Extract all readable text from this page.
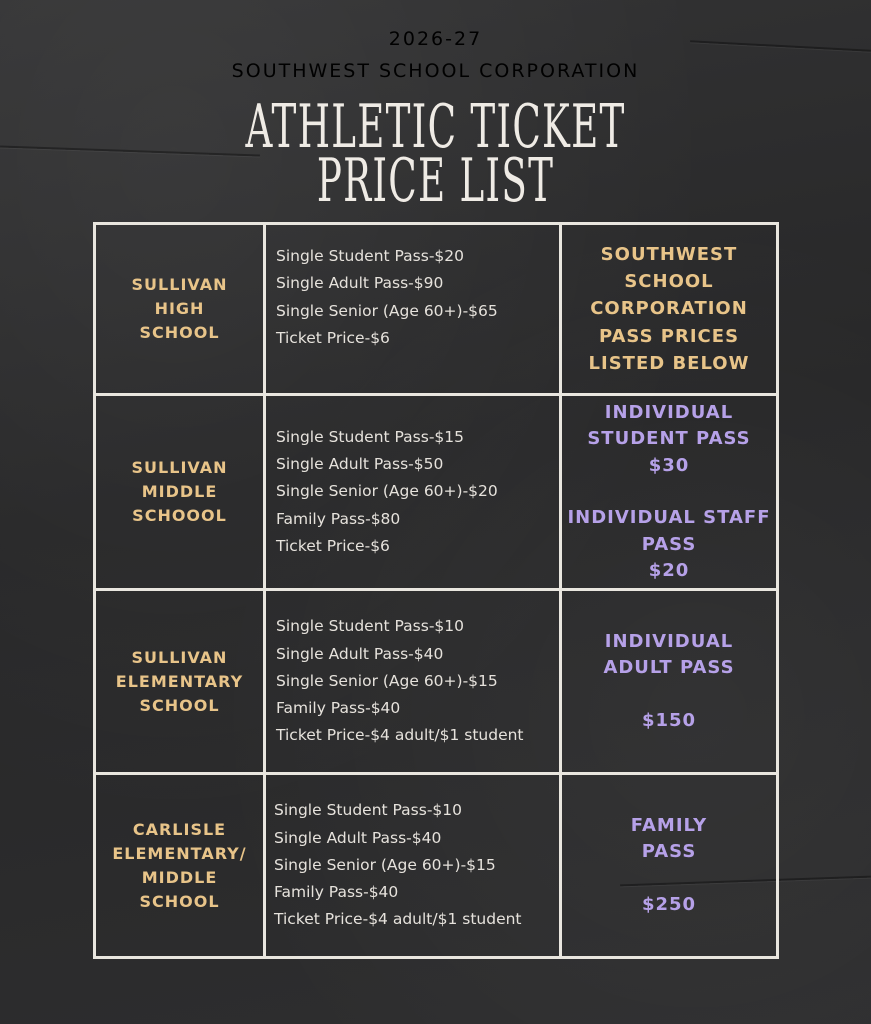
2026-27
SOUTHWEST SCHOOL CORPORATION
ATHLETIC TICKET
PRICE LIST
SULLIVAN
HIGH
SCHOOL
Single Student Pass-$20
Single Adult Pass-$90
Single Senior (Age 60+)-$65
Ticket Price-$6
SOUTHWEST
SCHOOL
CORPORATION
PASS PRICES
LISTED BELOW
SULLIVAN
MIDDLE
SCHOOOL
Single Student Pass-$15
Single Adult Pass-$50
Single Senior (Age 60+)-$20
Family Pass-$80
Ticket Price-$6
INDIVIDUAL
STUDENT PASS
$30
INDIVIDUAL STAFF
PASS
$20
SULLIVAN
ELEMENTARY
SCHOOL
Single Student Pass-$10
Single Adult Pass-$40
Single Senior (Age 60+)-$15
Family Pass-$40
Ticket Price-$4 adult/$1 student
INDIVIDUAL
ADULT PASS
$150
CARLISLE
ELEMENTARY/
MIDDLE
SCHOOL
Single Student Pass-$10
Single Adult Pass-$40
Single Senior (Age 60+)-$15
Family Pass-$40
Ticket Price-$4 adult/$1 student
FAMILY
PASS
$250
